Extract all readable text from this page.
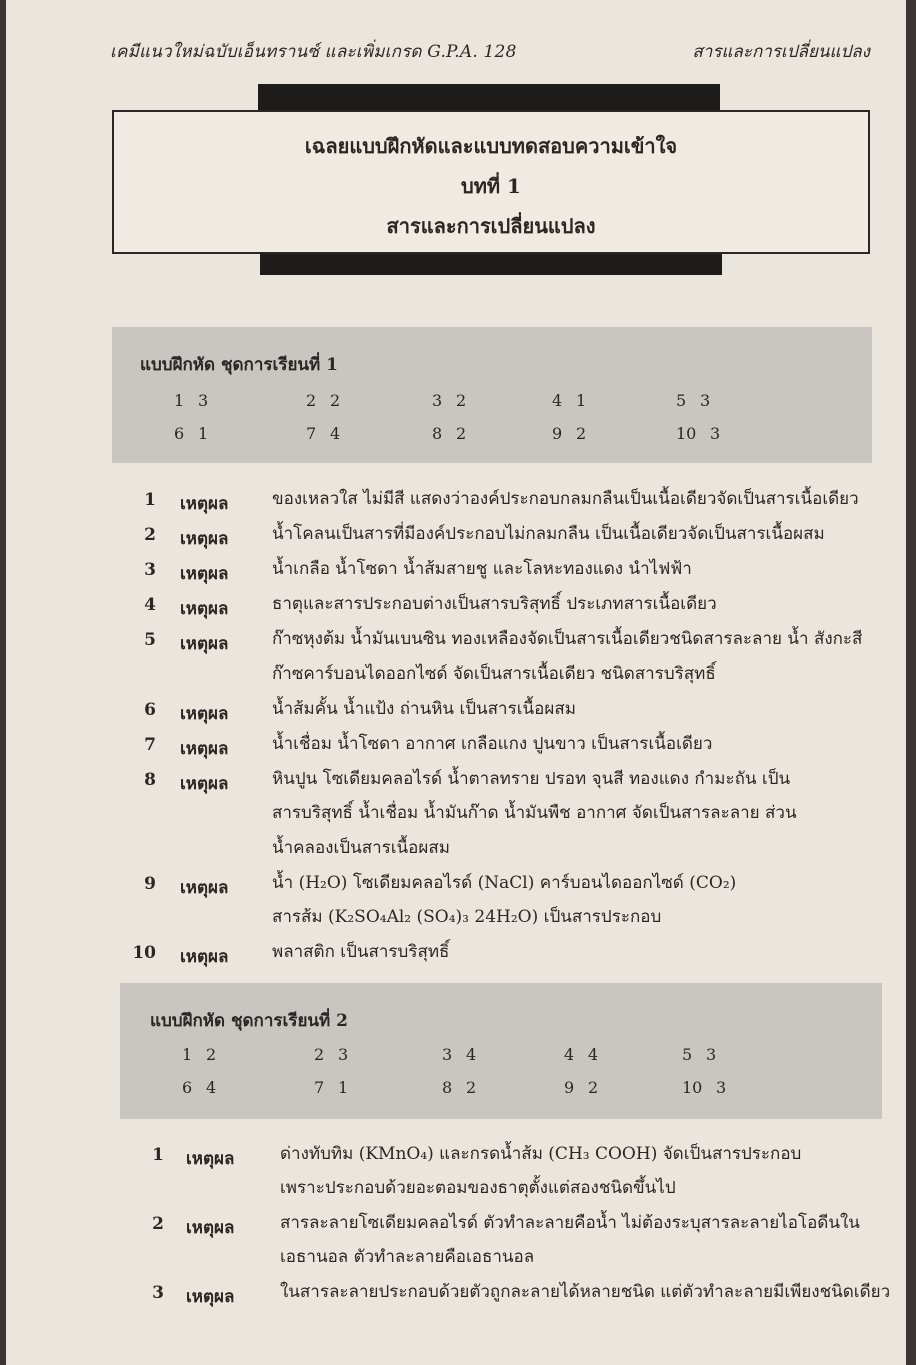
เคมีแนวใหม่ฉบับเอ็นทรานซ์ และเพิ่มเกรด G.P.A. 128	สารและการเปลี่ยนแปลง
เฉลยแบบฝึกหัดและแบบทดสอบความเข้าใจ
บทที่ 1
สารและการเปลี่ยนแปลง
แบบฝึกหัด ชุดการเรียนที่ 1
1 3	2 2	3 2	4 1	5 3
6 1	7 4	8 2	9 2	10 3
1 เหตุผล	ของเหลวใส ไม่มีสี แสดงว่าองค์ประกอบกลมกลืนเป็นเนื้อเดียวจัดเป็นสารเนื้อเดียว
2 เหตุผล	น้ำโคลนเป็นสารที่มีองค์ประกอบไม่กลมกลืน เป็นเนื้อเดียวจัดเป็นสารเนื้อผสม
3 เหตุผล	น้ำเกลือ น้ำโซดา น้ำส้มสายชู และโลหะทองแดง นำไฟฟ้า
4 เหตุผล	ธาตุและสารประกอบต่างเป็นสารบริสุทธิ์ ประเภทสารเนื้อเดียว
5 เหตุผล	ก๊าซหุงต้ม น้ำมันเบนซิน ทองเหลืองจัดเป็นสารเนื้อเดียวชนิดสารละลาย น้ำ สังกะสี
ก๊าซคาร์บอนไดออกไซด์ จัดเป็นสารเนื้อเดียว ชนิดสารบริสุทธิ์
6 เหตุผล	น้ำส้มคั้น น้ำแป้ง ถ่านหิน เป็นสารเนื้อผสม
7 เหตุผล	น้ำเชื่อม น้ำโซดา อากาศ เกลือแกง ปูนขาว เป็นสารเนื้อเดียว
8 เหตุผล	หินปูน โซเดียมคลอไรด์ น้ำตาลทราย ปรอท จุนสี ทองแดง กำมะถัน เป็น
สารบริสุทธิ์ น้ำเชื่อม น้ำมันก๊าด น้ำมันพืช อากาศ จัดเป็นสารละลาย ส่วน
น้ำคลองเป็นสารเนื้อผสม
9 เหตุผล	น้ำ (H₂O) โซเดียมคลอไรด์ (NaCl) คาร์บอนไดออกไซด์ (CO₂)
สารส้ม (K₂SO₄Al₂ (SO₄)₃ 24H₂O) เป็นสารประกอบ
10 เหตุผล	พลาสติก เป็นสารบริสุทธิ์
แบบฝึกหัด ชุดการเรียนที่ 2
1 2	2 3	3 4	4 4	5 3
6 4	7 1	8 2	9 2	10 3
1 เหตุผล	ด่างทับทิม (KMnO₄) และกรดน้ำส้ม (CH₃ COOH) จัดเป็นสารประกอบ
เพราะประกอบด้วยอะตอมของธาตุตั้งแต่สองชนิดขึ้นไป
2 เหตุผล	สารละลายโซเดียมคลอไรด์ ตัวทำละลายคือน้ำ ไม่ต้องระบุสารละลายไอโอดีนใน
เอธานอล ตัวทำละลายคือเอธานอล
3 เหตุผล	ในสารละลายประกอบด้วยตัวถูกละลายได้หลายชนิด แต่ตัวทำละลายมีเพียงชนิดเดียว
